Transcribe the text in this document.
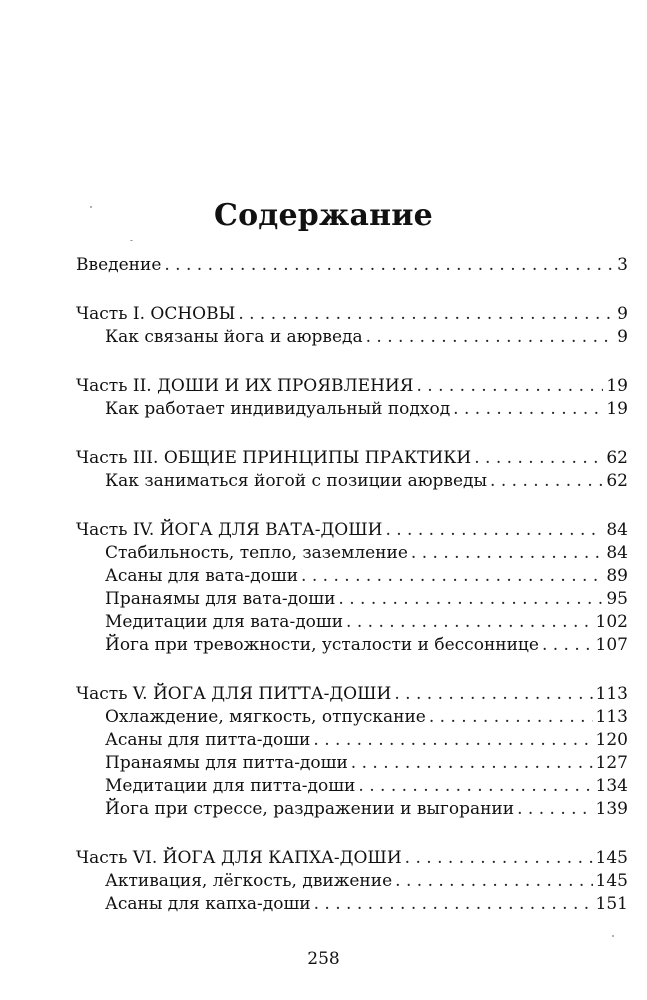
Содержание
Введение . . .	3
Часть I. ОСНОВЫ . . .	9
Как связаны йога и аюрведа . . .	9
Часть II. ДОШИ И ИХ ПРОЯВЛЕНИЯ . . .	19
Как работает индивидуальный подход . . .	19
Часть III. ОБЩИЕ ПРИНЦИПЫ ПРАКТИКИ . . .	62
Как заниматься йогой с позиции аюрведы . . .	62
Часть IV. ЙОГА ДЛЯ ВАТА-ДОШИ . . .	84
Стабильность, тепло, заземление . . .	84
Асаны для вата-доши . . .	89
Пранаямы для вата-доши . . .	95
Медитации для вата-доши . . .	102
Йога при тревожности, усталости и бессоннице . . .	107
Часть V. ЙОГА ДЛЯ ПИТТА-ДОШИ . . .	113
Охлаждение, мягкость, отпускание . . .	113
Асаны для питта-доши . . .	120
Пранаямы для питта-доши . . .	127
Медитации для питта-доши . . .	134
Йога при стрессе, раздражении и выгорании . . .	139
Часть VI. ЙОГА ДЛЯ КАПХА-ДОШИ . . .	145
Активация, лёгкость, движение . . .	145
Асаны для капха-доши . . .	151
258
